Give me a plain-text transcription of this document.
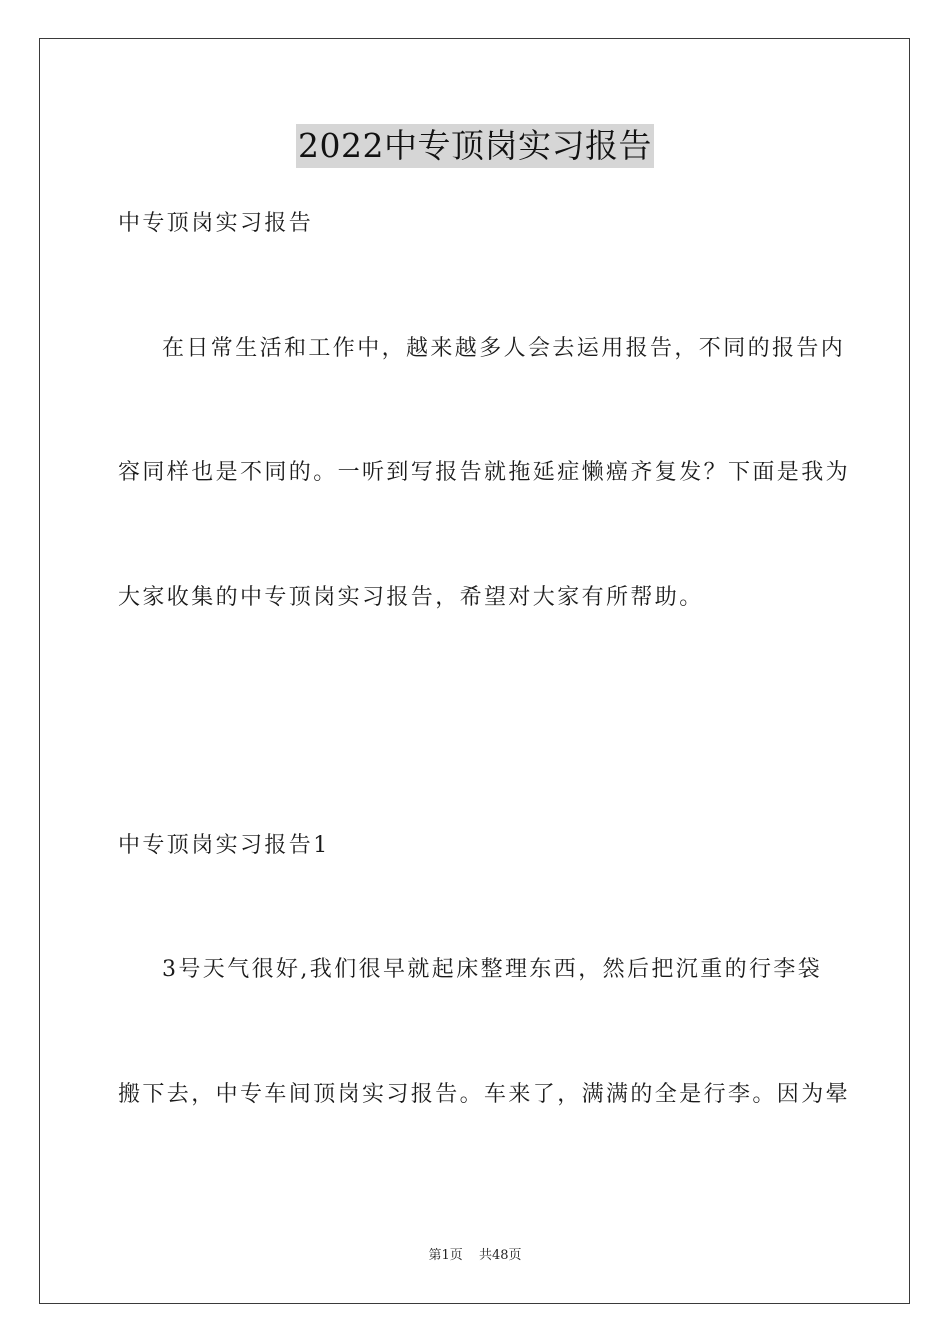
2022中专顶岗实习报告
中专顶岗实习报告
在日常生活和工作中，越来越多人会去运用报告，不同的报告内
容同样也是不同的。一听到写报告就拖延症懒癌齐复发？下面是我为
大家收集的中专顶岗实习报告，希望对大家有所帮助。
中专顶岗实习报告1
3号天气很好,我们很早就起床整理东西，然后把沉重的行李袋
搬下去，中专车间顶岗实习报告。车来了，满满的全是行李。因为晕
第1页 共48页
